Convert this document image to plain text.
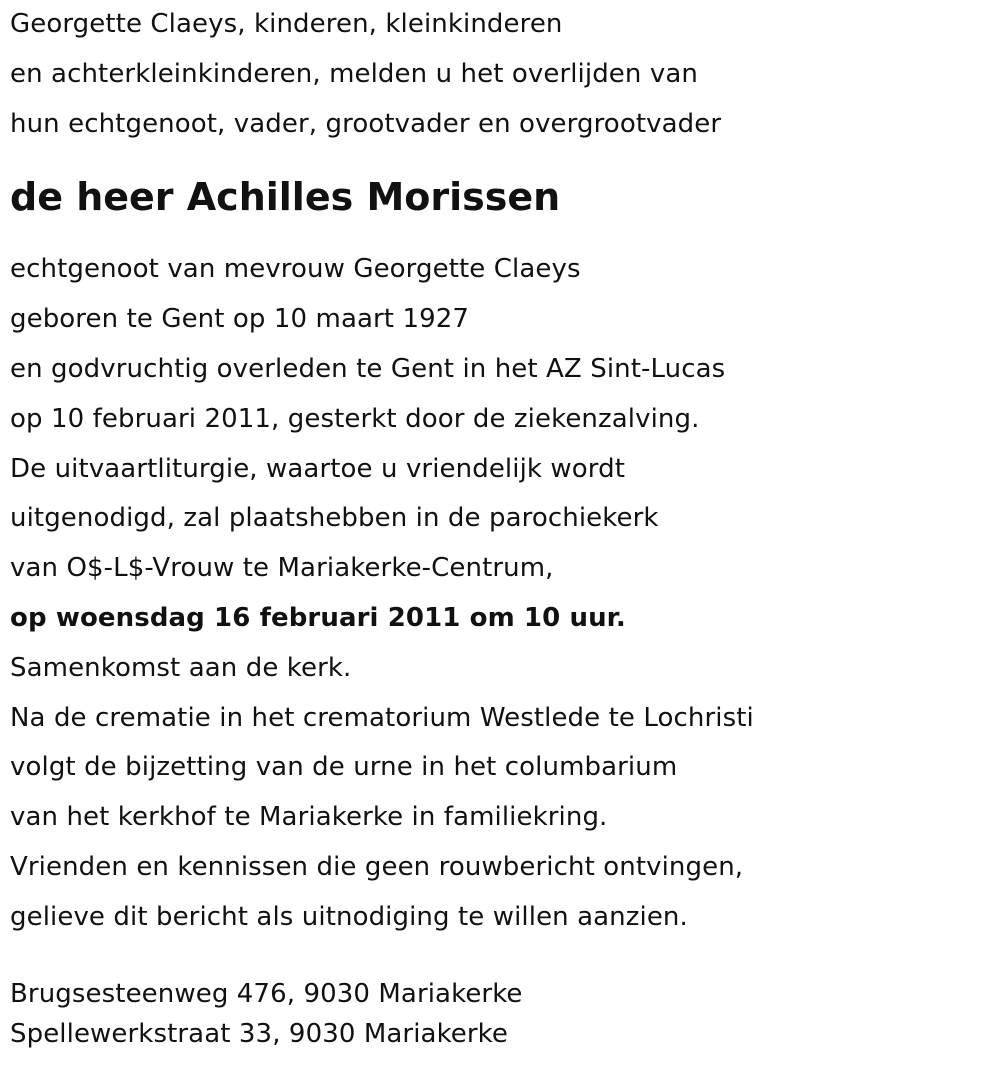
Georgette Claeys, kinderen, kleinkinderen
en achterkleinkinderen, melden u het overlijden van
hun echtgenoot, vader, grootvader en overgrootvader
de heer Achilles Morissen
echtgenoot van mevrouw Georgette Claeys
geboren te Gent op 10 maart 1927
en godvruchtig overleden te Gent in het AZ Sint-Lucas
op 10 februari 2011, gesterkt door de ziekenzalving.
De uitvaartliturgie, waartoe u vriendelijk wordt
uitgenodigd, zal plaatshebben in de parochiekerk
van O$-L$-Vrouw te Mariakerke-Centrum,
op woensdag 16 februari 2011 om 10 uur.
Samenkomst aan de kerk.
Na de crematie in het crematorium Westlede te Lochristi
volgt de bijzetting van de urne in het columbarium
van het kerkhof te Mariakerke in familiekring.
Vrienden en kennissen die geen rouwbericht ontvingen,
gelieve dit bericht als uitnodiging te willen aanzien.
Brugsesteenweg 476, 9030 Mariakerke
Spellewerkstraat 33, 9030 Mariakerke
